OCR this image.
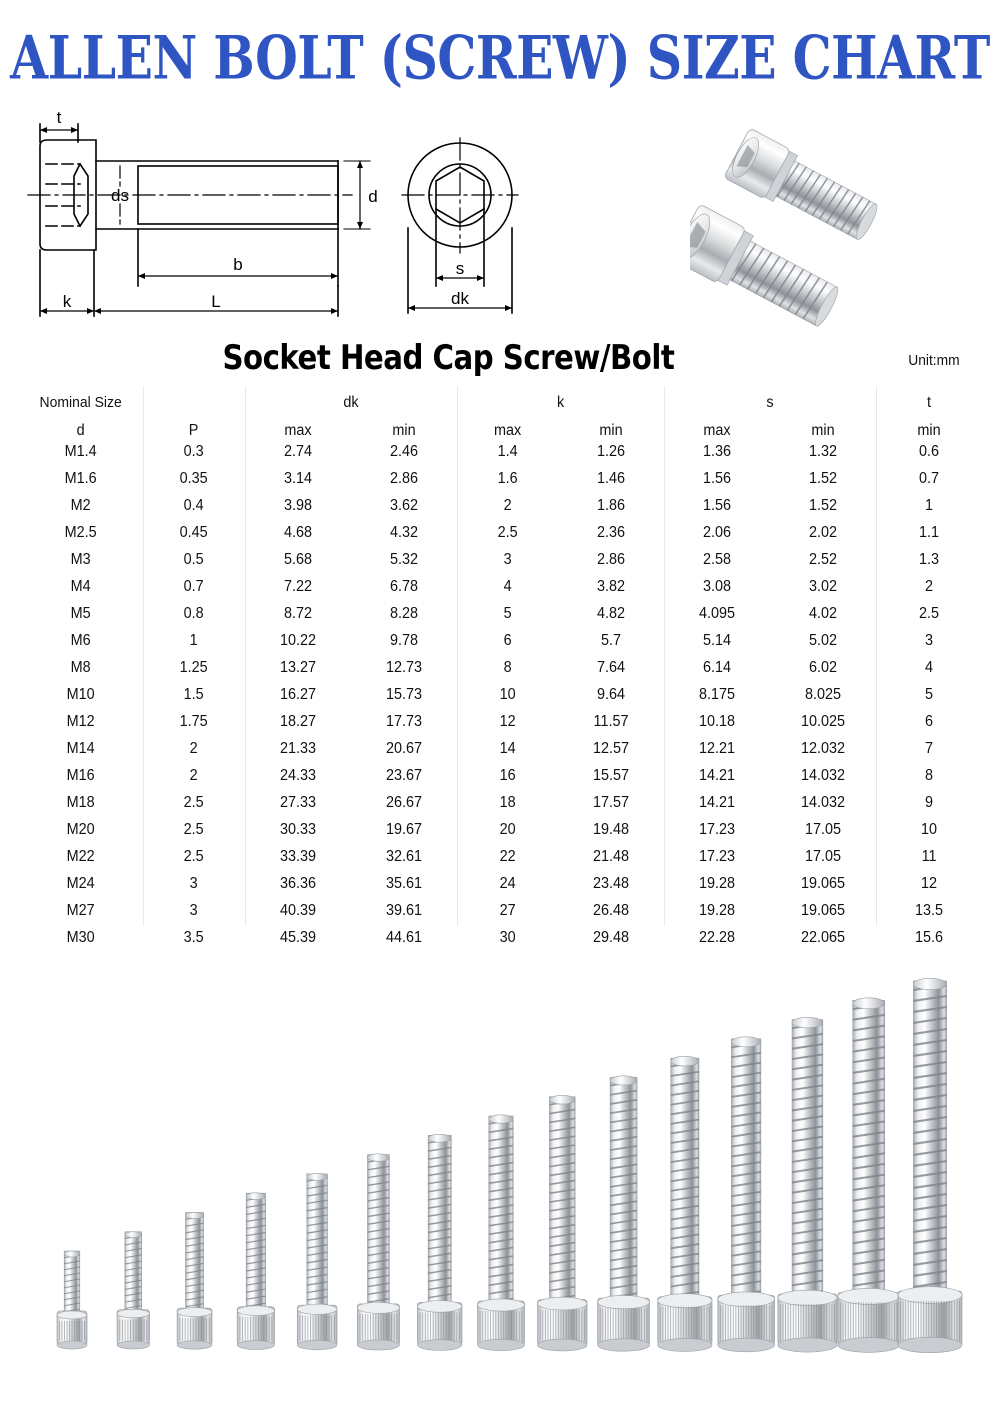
ALLEN BOLT (SCREW) SIZE CHART
t
ds	d
b
L
k
s
dk
Socket Head Cap Screw/Bolt	Unit:mm
Nominal Size	P	dk		k		s		t
d		max	min	max	min	max	min	min
M1.4	0.3	2.74	2.46	1.4	1.26	1.36	1.32	0.6
M1.6	0.35	3.14	2.86	1.6	1.46	1.56	1.52	0.7
M2	0.4	3.98	3.62	2	1.86	1.56	1.52	1
M2.5	0.45	4.68	4.32	2.5	2.36	2.06	2.02	1.1
M3	0.5	5.68	5.32	3	2.86	2.58	2.52	1.3
M4	0.7	7.22	6.78	4	3.82	3.08	3.02	2
M5	0.8	8.72	8.28	5	4.82	4.095	4.02	2.5
M6	1	10.22	9.78	6	5.7	5.14	5.02	3
M8	1.25	13.27	12.73	8	7.64	6.14	6.02	4
M10	1.5	16.27	15.73	10	9.64	8.175	8.025	5
M12	1.75	18.27	17.73	12	11.57	10.18	10.025	6
M14	2	21.33	20.67	14	12.57	12.21	12.032	7
M16	2	24.33	23.67	16	15.57	14.21	14.032	8
M18	2.5	27.33	26.67	18	17.57	14.21	14.032	9
M20	2.5	30.33	19.67	20	19.48	17.23	17.05	10
M22	2.5	33.39	32.61	22	21.48	17.23	17.05	11
M24	3	36.36	35.61	24	23.48	19.28	19.065	12
M27	3	40.39	39.61	27	26.48	19.28	19.065	13.5
M30	3.5	45.39	44.61	30	29.48	22.28	22.065	15.6
